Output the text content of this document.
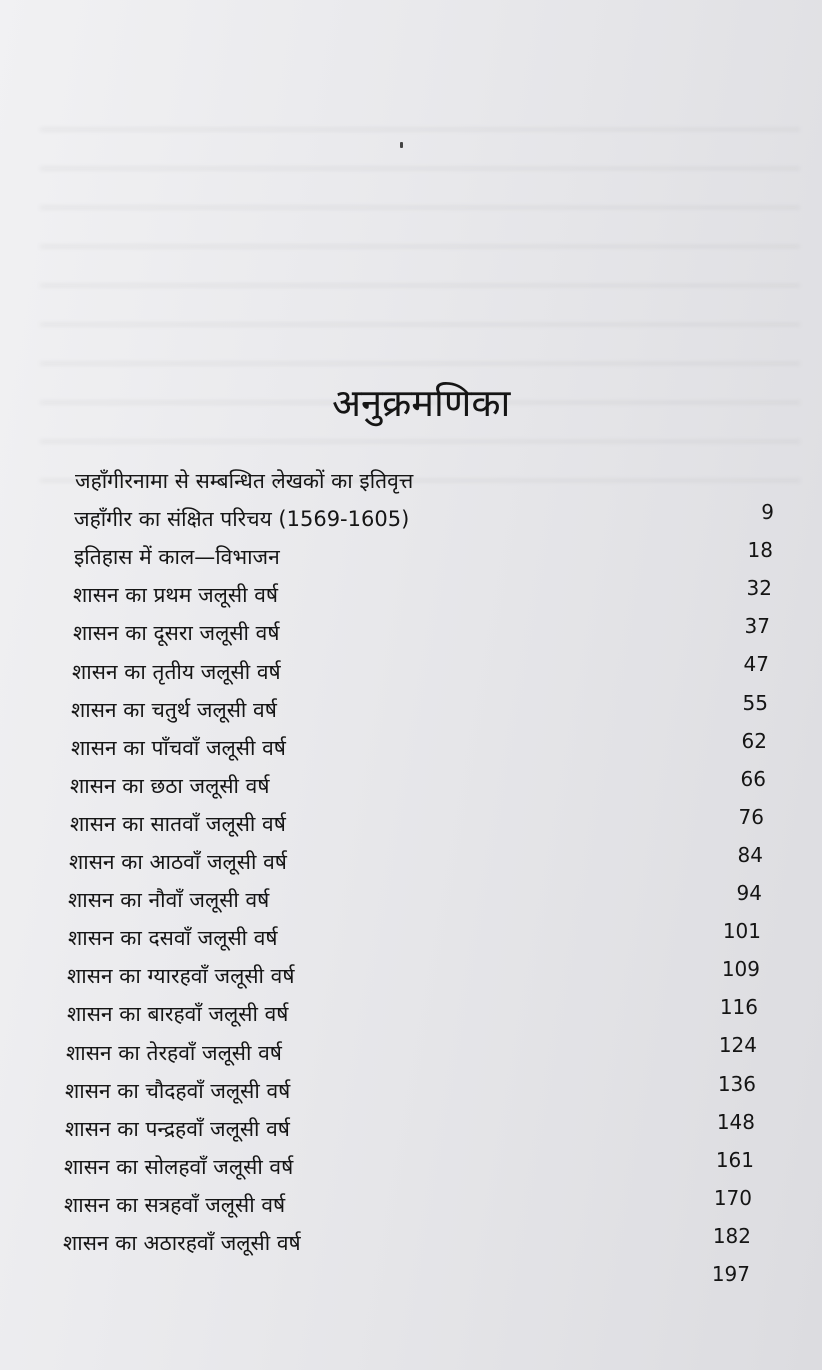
अनुक्रमणिका
जहाँगीरनामा से सम्बन्धित लेखकों का इतिवृत्त
9
जहाँगीर का संक्षित परिचय (1569-1605)
18
इतिहास में काल—विभाजन
32
शासन का प्रथम जलूसी वर्ष
37
शासन का दूसरा जलूसी वर्ष
47
शासन का तृतीय जलूसी वर्ष
55
शासन का चतुर्थ जलूसी वर्ष
62
शासन का पाँचवाँ जलूसी वर्ष
66
शासन का छठा जलूसी वर्ष
76
शासन का सातवाँ जलूसी वर्ष
84
शासन का आठवाँ जलूसी वर्ष
94
शासन का नौवाँ जलूसी वर्ष
101
शासन का दसवाँ जलूसी वर्ष
109
शासन का ग्यारहवाँ जलूसी वर्ष
116
शासन का बारहवाँ जलूसी वर्ष
124
शासन का तेरहवाँ जलूसी वर्ष
136
शासन का चौदहवाँ जलूसी वर्ष
148
शासन का पन्द्रहवाँ जलूसी वर्ष
161
शासन का सोलहवाँ जलूसी वर्ष
170
शासन का सत्रहवाँ जलूसी वर्ष
182
शासन का अठारहवाँ जलूसी वर्ष
197
